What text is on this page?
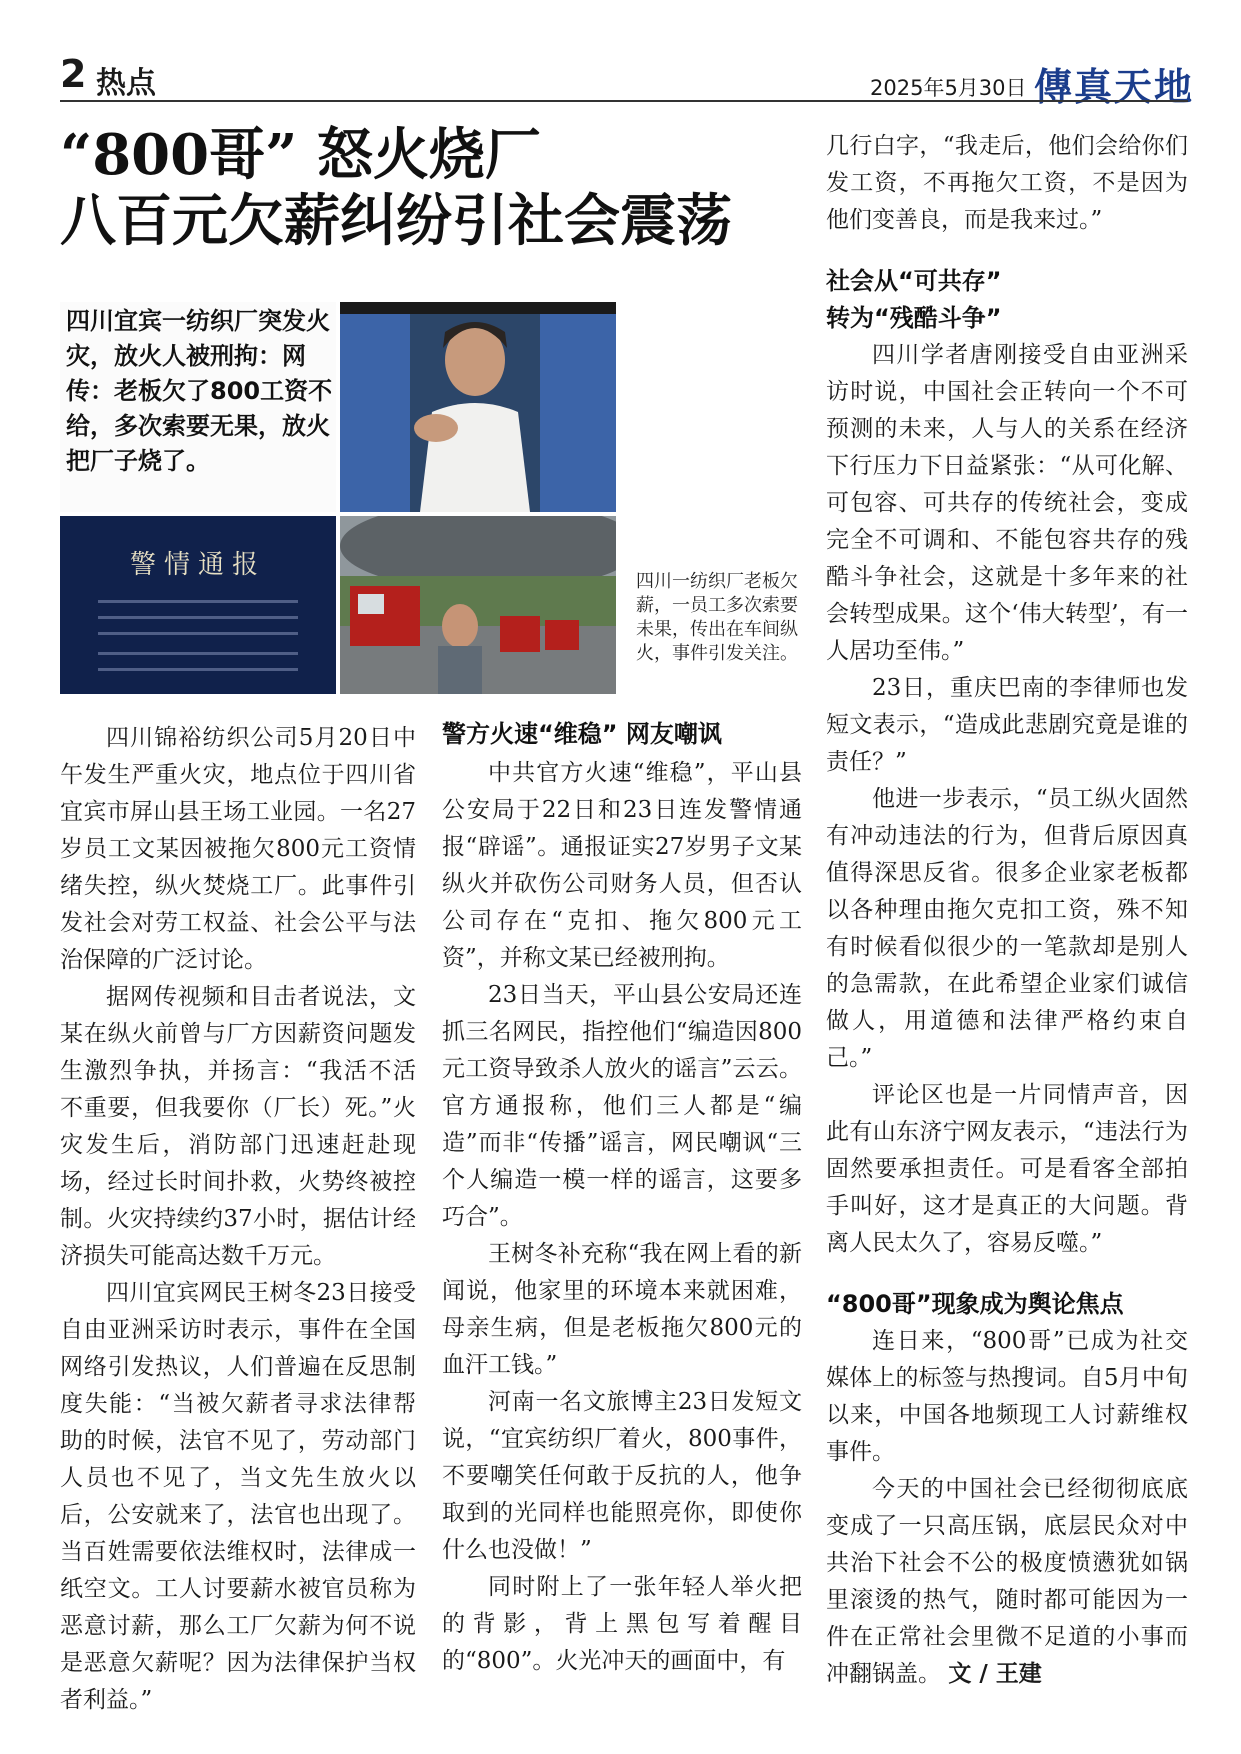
2 热点	2025年5月30日 傳真天地
“800哥” 怒火烧厂
八百元欠薪纠纷引社会震荡
四川宜宾一纺织厂突发火灾，放火人被刑拘：网传：老板欠了800工资不给，多次索要无果，放火把厂子烧了。
警情通报
四川一纺织厂老板欠薪，一员工多次索要未果，传出在车间纵火，事件引发关注。

四川锦裕纺织公司5月20日中午发生严重火灾，地点位于四川省宜宾市屏山县王场工业园。一名27岁员工文某因被拖欠800元工资情绪失控，纵火焚烧工厂。此事件引发社会对劳工权益、社会公平与法治保障的广泛讨论。

据网传视频和目击者说法，文某在纵火前曾与厂方因薪资问题发生激烈争执，并扬言：“我活不活不重要，但我要你（厂长）死。”火灾发生后，消防部门迅速赶赴现场，经过长时间扑救，火势终被控制。火灾持续约37小时，据估计经济损失可能高达数千万元。

四川宜宾网民王树冬23日接受自由亚洲采访时表示，事件在全国网络引发热议，人们普遍在反思制度失能：“当被欠薪者寻求法律帮助的时候，法官不见了，劳动部门人员也不见了，当文先生放火以后，公安就来了，法官也出现了。当百姓需要依法维权时，法律成一纸空文。工人讨要薪水被官员称为恶意讨薪，那么工厂欠薪为何不说是恶意欠薪呢？因为法律保护当权者利益。”

警方火速“维稳” 网友嘲讽

中共官方火速“维稳”，平山县公安局于22日和23日连发警情通报“辟谣”。通报证实27岁男子文某纵火并砍伤公司财务人员，但否认公司存在“克扣、拖欠800元工资”，并称文某已经被刑拘。

23日当天，平山县公安局还连抓三名网民，指控他们“编造因800元工资导致杀人放火的谣言”云云。官方通报称，他们三人都是“编造”而非“传播”谣言，网民嘲讽“三个人编造一模一样的谣言，这要多巧合”。

王树冬补充称“我在网上看的新闻说，他家里的环境本来就困难，母亲生病，但是老板拖欠800元的血汗工钱。”

河南一名文旅博主23日发短文说，“宜宾纺织厂着火，800事件，不要嘲笑任何敢于反抗的人，他争取到的光同样也能照亮你，即使你什么也没做！”

同时附上了一张年轻人举火把的背影，背上黑包写着醒目的“800”。火光冲天的画面中，有

几行白字，“我走后，他们会给你们发工资，不再拖欠工资，不是因为他们变善良，而是我来过。”

社会从“可共存”
转为“残酷斗争”

四川学者唐刚接受自由亚洲采访时说，中国社会正转向一个不可预测的未来，人与人的关系在经济下行压力下日益紧张：“从可化解、可包容、可共存的传统社会，变成完全不可调和、不能包容共存的残酷斗争社会，这就是十多年来的社会转型成果。这个‘伟大转型’，有一人居功至伟。”

23日，重庆巴南的李律师也发短文表示，“造成此悲剧究竟是谁的责任？”

他进一步表示，“员工纵火固然有冲动违法的行为，但背后原因真值得深思反省。很多企业家老板都以各种理由拖欠克扣工资，殊不知有时候看似很少的一笔款却是别人的急需款，在此希望企业家们诚信做人，用道德和法律严格约束自己。”

评论区也是一片同情声音，因此有山东济宁网友表示，“违法行为固然要承担责任。可是看客全部拍手叫好，这才是真正的大问题。背离人民太久了，容易反噬。”

“800哥”现象成为舆论焦点

连日来，“800哥”已成为社交媒体上的标签与热搜词。自5月中旬以来，中国各地频现工人讨薪维权事件。

今天的中国社会已经彻彻底底变成了一只高压锅，底层民众对中共治下社会不公的极度愤懑犹如锅里滚烫的热气，随时都可能因为一件在正常社会里微不足道的小事而冲翻锅盖。 文 / 王建
